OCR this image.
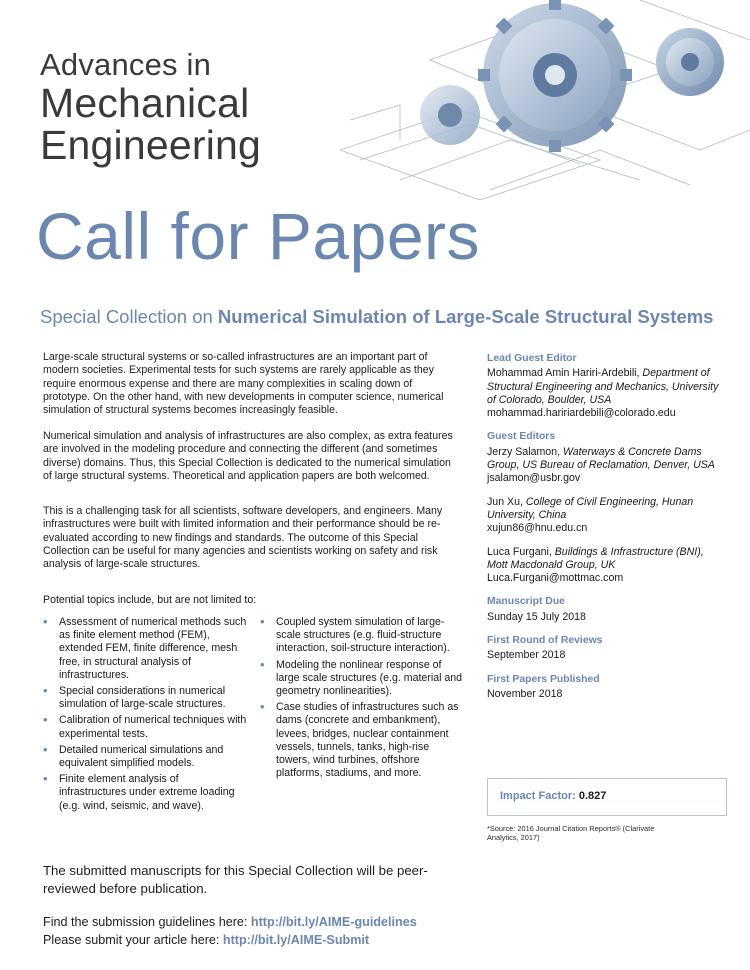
Advances in
Mechanical
Engineering
Call for Papers
Special Collection on Numerical Simulation of Large-Scale Structural Systems
Large-scale structural systems or so-called infrastructures are an important part of modern societies. Experimental tests for such systems are rarely applicable as they require enormous expense and there are many complexities in scaling down of prototype. On the other hand, with new developments in computer science, numerical simulation of structural systems becomes increasingly feasible.
Numerical simulation and analysis of infrastructures are also complex, as extra features are involved in the modeling procedure and connecting the different (and sometimes diverse) domains. Thus, this Special Collection is dedicated to the numerical simulation of large structural systems. Theoretical and application papers are both welcomed.
This is a challenging task for all scientists, software developers, and engineers. Many infrastructures were built with limited information and their performance should be re-evaluated according to new findings and standards. The outcome of this Special Collection can be useful for many agencies and scientists working on safety and risk analysis of large-scale structures.
Potential topics include, but are not limited to:
• Assessment of numerical methods such as finite element method (FEM), extended FEM, finite difference, mesh free, in structural analysis of infrastructures.
• Special considerations in numerical simulation of large-scale structures.
• Calibration of numerical techniques with experimental tests.
• Detailed numerical simulations and equivalent simplified models.
• Finite element analysis of infrastructures under extreme loading (e.g. wind, seismic, and wave).
• Coupled system simulation of large-scale structures (e.g. fluid-structure interaction, soil-structure interaction).
• Modeling the nonlinear response of large scale structures (e.g. material and geometry nonlinearities).
• Case studies of infrastructures such as dams (concrete and embankment), levees, bridges, nuclear containment vessels, tunnels, tanks, high-rise towers, wind turbines, offshore platforms, stadiums, and more.
Lead Guest Editor
Mohammad Amin Hariri-Ardebili, Department of Structural Engineering and Mechanics, University of Colorado, Boulder, USA
mohammad.haririardebili@colorado.edu
Guest Editors
Jerzy Salamon, Waterways & Concrete Dams Group, US Bureau of Reclamation, Denver, USA
jsalamon@usbr.gov
Jun Xu, College of Civil Engineering, Hunan University, China
xujun86@hnu.edu.cn
Luca Furgani, Buildings & Infrastructure (BNI), Mott Macdonald Group, UK
Luca.Furgani@mottmac.com
Manuscript Due
Sunday 15 July 2018
First Round of Reviews
September 2018
First Papers Published
November 2018
Impact Factor: 0.827
*Source: 2016 Journal Citation Reports® (Clarivate Analytics, 2017)
The submitted manuscripts for this Special Collection will be peer-reviewed before publication.
Find the submission guidelines here: http://bit.ly/AIME-guidelines
Please submit your article here: http://bit.ly/AIME-Submit
